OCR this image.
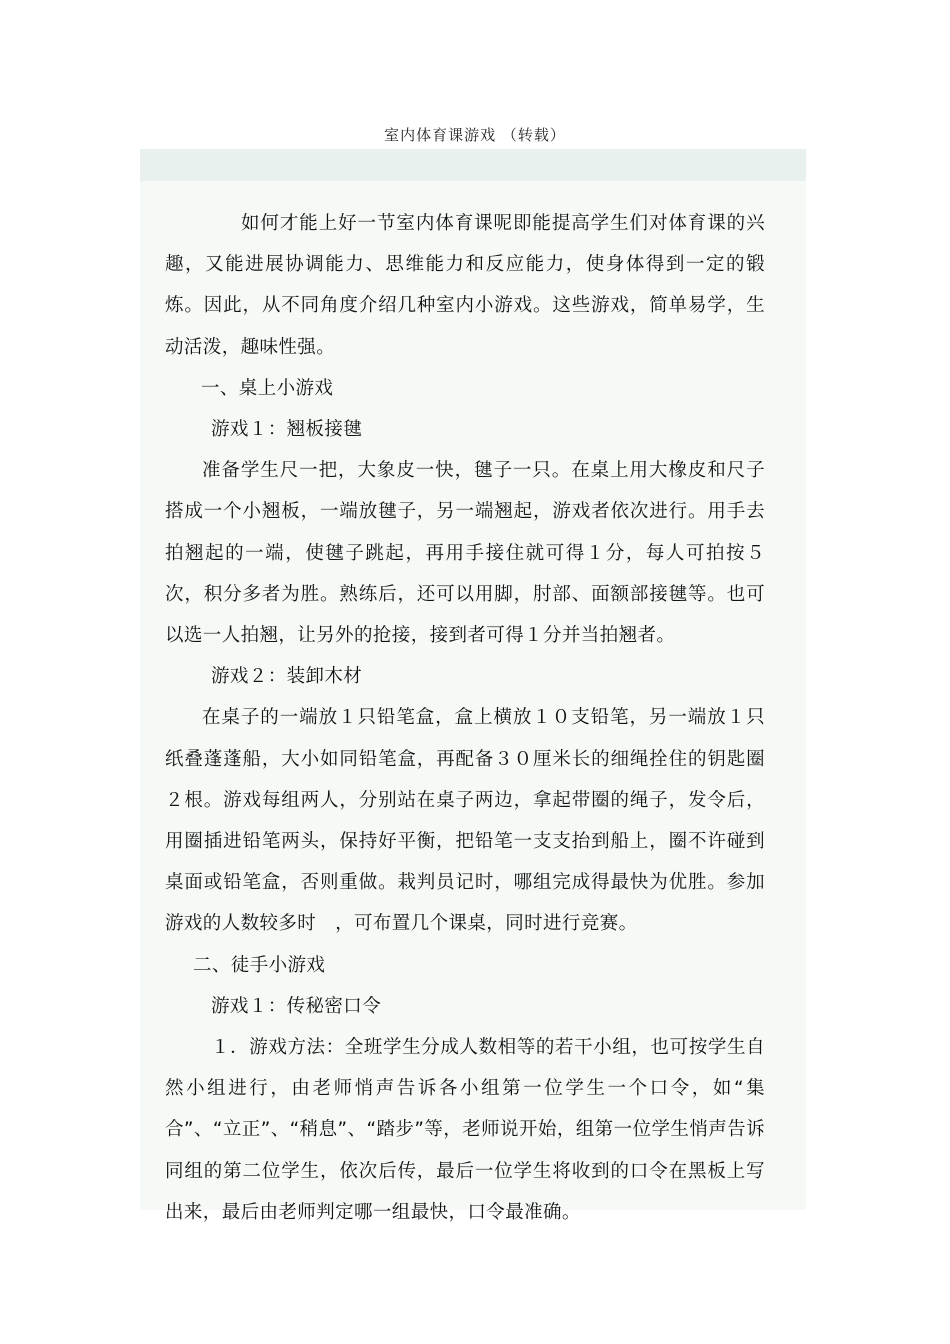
室内体育课游戏 （转载）

如何才能上好一节室内体育课呢即能提高学生们对体育课的兴趣，又能进展协调能力、思维能力和反应能力，使身体得到一定的锻炼。因此，从不同角度介绍几种室内小游戏。这些游戏，简单易学，生动活泼，趣味性强。

一、桌上小游戏

游戏１：翘板接毽

准备学生尺一把，大象皮一快，毽子一只。在桌上用大橡皮和尺子搭成一个小翘板，一端放毽子，另一端翘起，游戏者依次进行。用手去拍翘起的一端，使毽子跳起，再用手接住就可得１分，每人可拍按５次，积分多者为胜。熟练后，还可以用脚，肘部、面额部接毽等。也可以选一人拍翘，让另外的抢接，接到者可得１分并当拍翘者。

游戏２：装卸木材

在桌子的一端放１只铅笔盒，盒上横放１０支铅笔，另一端放１只纸叠蓬蓬船，大小如同铅笔盒，再配备３０厘米长的细绳拴住的钥匙圈２根。游戏每组两人，分别站在桌子两边，拿起带圈的绳子，发令后，用圈插进铅笔两头，保持好平衡，把铅笔一支支抬到船上，圈不许碰到桌面或铅笔盒，否则重做。栽判员记时，哪组完成得最快为优胜。参加游戏的人数较多时　，可布置几个课桌，同时进行竞赛。

二、徒手小游戏

游戏１：传秘密口令

１．游戏方法：全班学生分成人数相等的若干小组，也可按学生自然小组进行，由老师悄声告诉各小组第一位学生一个口令，如“集合”、“立正”、“稍息”、“踏步”等，老师说开始，组第一位学生悄声告诉同组的第二位学生，依次后传，最后一位学生将收到的口令在黑板上写出来，最后由老师判定哪一组最快，口令最准确。
